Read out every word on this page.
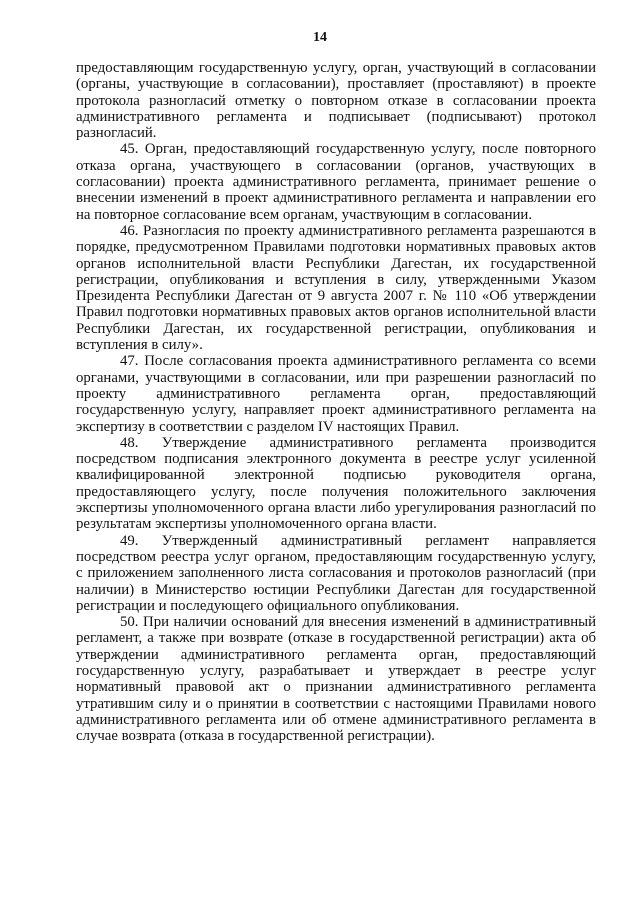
14

предоставляющим государственную услугу, орган, участвующий в согласовании (органы, участвующие в согласовании), проставляет (проставляют) в проекте протокола разногласий отметку о повторном отказе в согласовании проекта административного регламента и подписывает (подписывают) протокол разногласий.

45. Орган, предоставляющий государственную услугу, после повторного отказа органа, участвующего в согласовании (органов, участвующих в согласовании) проекта административного регламента, принимает решение о внесении изменений в проект административного регламента и направлении его на повторное согласование всем органам, участвующим в согласовании.

46. Разногласия по проекту административного регламента разрешаются в порядке, предусмотренном Правилами подготовки нормативных правовых актов органов исполнительной власти Республики Дагестан, их государственной регистрации, опубликования и вступления в силу, утвержденными Указом Президента Республики Дагестан от 9 августа 2007 г. № 110 «Об утверждении Правил подготовки нормативных правовых актов органов исполнительной власти Республики Дагестан, их государственной регистрации, опубликования и вступления в силу».

47. После согласования проекта административного регламента со всеми органами, участвующими в согласовании, или при разрешении разногласий по проекту административного регламента орган, предоставляющий государственную услугу, направляет проект административного регламента на экспертизу в соответствии с разделом IV настоящих Правил.

48. Утверждение административного регламента производится посредством подписания электронного документа в реестре услуг усиленной квалифицированной электронной подписью руководителя органа, предоставляющего услугу, после получения положительного заключения экспертизы уполномоченного органа власти либо урегулирования разногласий по результатам экспертизы уполномоченного органа власти.

49. Утвержденный административный регламент направляется посредством реестра услуг органом, предоставляющим государственную услугу, с приложением заполненного листа согласования и протоколов разногласий (при наличии) в Министерство юстиции Республики Дагестан для государственной регистрации и последующего официального опубликования.

50. При наличии оснований для внесения изменений в административный регламент, а также при возврате (отказе в государственной регистрации) акта об утверждении административного регламента орган, предоставляющий государственную услугу, разрабатывает и утверждает в реестре услуг нормативный правовой акт о признании административного регламента утратившим силу и о принятии в соответствии с настоящими Правилами нового административного регламента или об отмене административного регламента в случае возврата (отказа в государственной регистрации).
